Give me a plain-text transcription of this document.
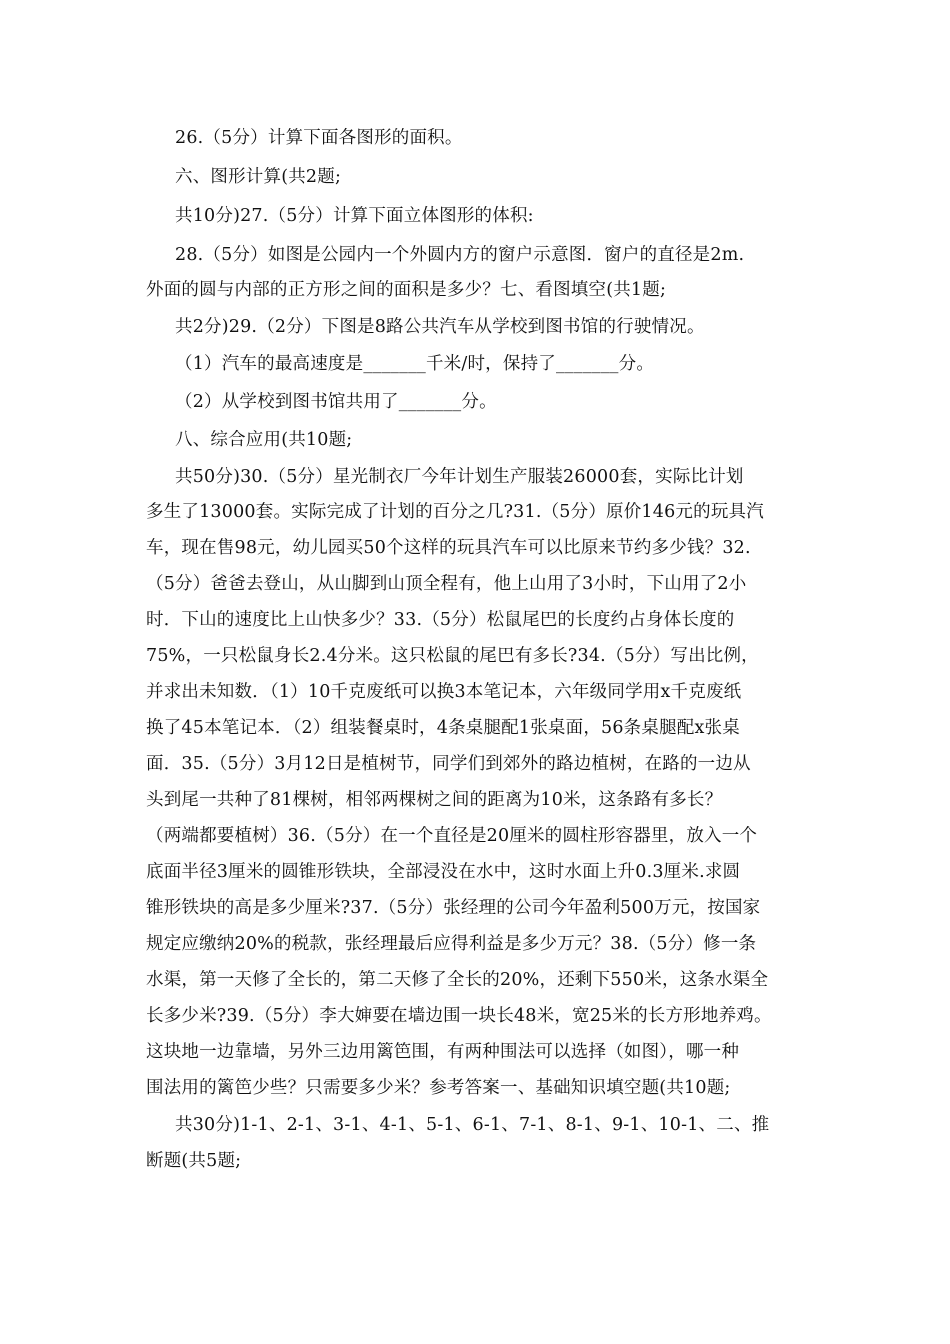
26.（5分）计算下面各图形的面积。
六、图形计算(共2题;
共10分)27.（5分）计算下面立体图形的体积:
28.（5分）如图是公园内一个外圆内方的窗户示意图．窗户的直径是2m.
外面的圆与内部的正方形之间的面积是多少？七、看图填空(共1题;
共2分)29.（2分）下图是8路公共汽车从学校到图书馆的行驶情况。
（1）汽车的最高速度是_______千米/时，保持了_______分。
（2）从学校到图书馆共用了_______分。
八、综合应用(共10题;
共50分)30.（5分）星光制衣厂今年计划生产服装26000套，实际比计划
多生了13000套。实际完成了计划的百分之几?31.（5分）原价146元的玩具汽
车，现在售98元，幼儿园买50个这样的玩具汽车可以比原来节约多少钱？32.
（5分）爸爸去登山，从山脚到山顶全程有，他上山用了3小时，下山用了2小
时．下山的速度比上山快多少？33.（5分）松鼠尾巴的长度约占身体长度的
75%，一只松鼠身长2.4分米。这只松鼠的尾巴有多长?34.（5分）写出比例，
并求出未知数．（1）10千克废纸可以换3本笔记本，六年级同学用x千克废纸
换了45本笔记本．（2）组装餐桌时，4条桌腿配1张桌面，56条桌腿配x张桌
面．35.（5分）3月12日是植树节，同学们到郊外的路边植树，在路的一边从
头到尾一共种了81棵树，相邻两棵树之间的距离为10米，这条路有多长？
（两端都要植树）36.（5分）在一个直径是20厘米的圆柱形容器里，放入一个
底面半径3厘米的圆锥形铁块，全部浸没在水中，这时水面上升0.3厘米.求圆
锥形铁块的高是多少厘米?37.（5分）张经理的公司今年盈利500万元，按国家
规定应缴纳20%的税款，张经理最后应得利益是多少万元？38.（5分）修一条
水渠，第一天修了全长的，第二天修了全长的20%，还剩下550米，这条水渠全
长多少米?39.（5分）李大婶要在墙边围一块长48米，宽25米的长方形地养鸡。
这块地一边靠墙，另外三边用篱笆围，有两种围法可以选择（如图），哪一种
围法用的篱笆少些？只需要多少米？参考答案一、基础知识填空题(共10题;
共30分)1-1、2-1、3-1、4-1、5-1、6-1、7-1、8-1、9-1、10-1、二、推
断题(共5题;
